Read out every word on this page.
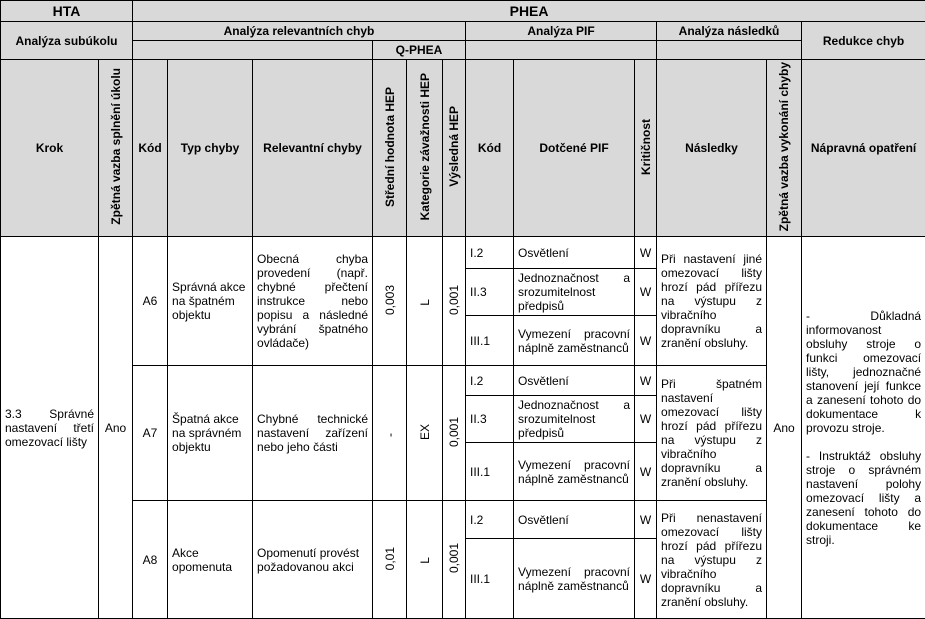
HTA		PHEA											
Analýza subúkolu		Analýza relevantních chyb						Analýza PIF			Analýza následků		Redukce chyb
					Q-PHEA								
Krok	Zpětná vazba splnění úkolu	Kód	Typ chyby	Relevantní chyby	Střední hodnota HEP	Kategorie závažnosti HEP	Výsledná HEP	Kód	Dotčené PIF	Kritičnost	Následky	Zpětná vazba vykonání chyby	Nápravná opatření
3.3 Správné nastavení třetí omezovací lišty	Ano	A6	Správná akce na špatném objektu	Obecná chyba provedení (např. chybné přečtení instrukce nebo popisu a následné vybrání špatného ovládače)	0,003	L	0,001	I.2	Osvětlení	W	Při nastavení jiné omezovací lišty hrozí pád přířezu na výstupu z vibračního dopravníku a zranění obsluhy.	Ano	- Důkladná informovanost obsluhy stroje o funkci omezovací lišty, jednoznačné stanovení její funkce a zanesení tohoto do dokumentace k provozu stroje.
- Instruktáž obsluhy stroje o správném nastavení polohy omezovací lišty a zanesení tohoto do dokumentace ke stroji.

								II.3	Jednoznačnost a srozumitelnost předpisů	W			
								III.1	Vymezení pracovní náplně zaměstnanců	W			
		A7	Špatná akce na správném objektu	Chybné technické nastavení zařízení nebo jeho části	-	EX	0,001	I.2	Osvětlení	W	Při špatném nastavení omezovací lišty hrozí pád přířezu na výstupu z vibračního dopravníku a zranění obsluhy.		
								II.3	Jednoznačnost a srozumitelnost předpisů	W			
								III.1	Vymezení pracovní náplně zaměstnanců	W			
		A8	Akce opomenuta	Opomenutí provést požadovanou akci	0,01	L	0,001	I.2	Osvětlení	W	Při nenastavení omezovací lišty hrozí pád přířezu na výstupu z vibračního dopravníku a zranění obsluhy.		
								III.1	Vymezení pracovní náplně zaměstnanců	W			
